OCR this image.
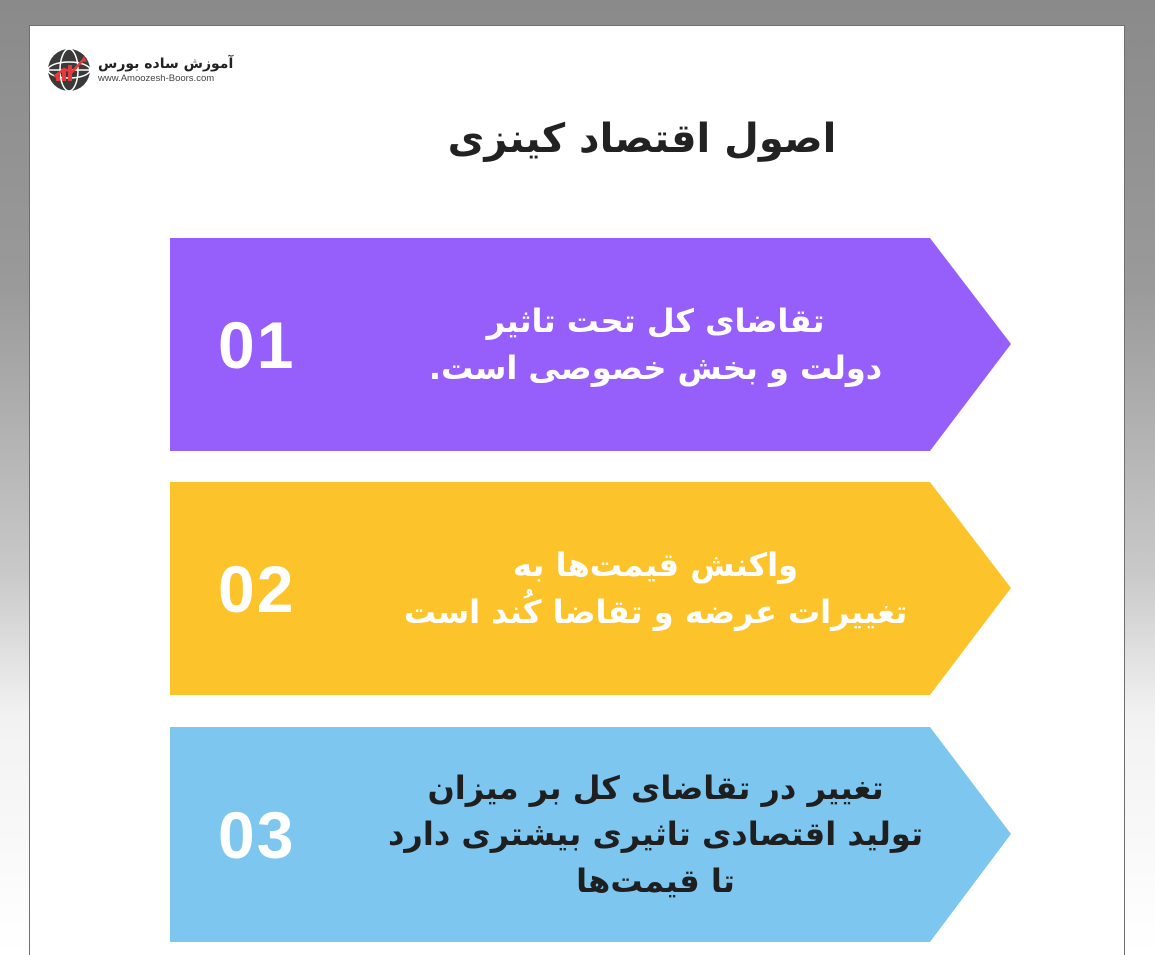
آموزش ساده بورس
www.Amoozesh-Boors.com
اصول اقتصاد کینزی
01	تقاضای کل تحت تاثیر
دولت و بخش خصوصی است.
02	واکنش قیمت‌ها به
تغییرات عرضه و تقاضا کُند است
03
تغییر در تقاضای کل بر میزان
تولید اقتصادی تاثیری بیشتری دارد
تا قیمت‌ها
